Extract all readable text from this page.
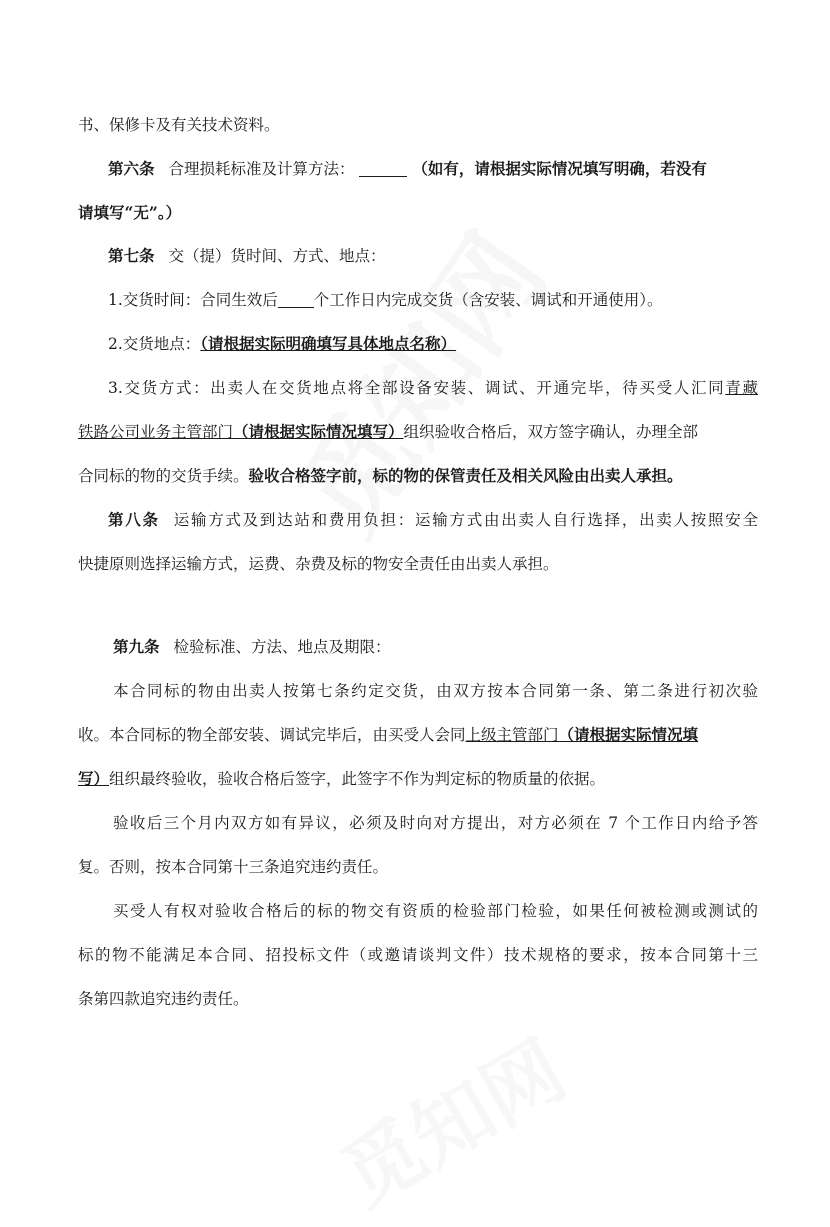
书、保修卡及有关技术资料。
第六条 合理损耗标准及计算方法：	（如有，请根据实际情况填写明确，若没有
请填写“无”。）
第七条 交（提）货时间、方式、地点：
1.交货时间：合同生效后 个工作日内完成交货（含安装、调试和开通使用）。
2.交货地点：（请根据实际明确填写具体地点名称）
3.交货方式：出卖人在交货地点将全部设备安装、调试、开通完毕，待买受人汇同青藏
铁路公司业务主管部门（请根据实际情况填写）组织验收合格后，双方签字确认，办理全部
合同标的物的交货手续。验收合格签字前，标的物的保管责任及相关风险由出卖人承担。
第八条 运输方式及到达站和费用负担：运输方式由出卖人自行选择，出卖人按照安全
快捷原则选择运输方式，运费、杂费及标的物安全责任由出卖人承担。
第九条 检验标准、方法、地点及期限：
本合同标的物由出卖人按第七条约定交货，由双方按本合同第一条、第二条进行初次验
收。本合同标的物全部安装、调试完毕后，由买受人会同上级主管部门（请根据实际情况填
写）组织最终验收，验收合格后签字，此签字不作为判定标的物质量的依据。
验收后三个月内双方如有异议，必须及时向对方提出，对方必须在 7 个工作日内给予答
复。否则，按本合同第十三条追究违约责任。
买受人有权对验收合格后的标的物交有资质的检验部门检验，如果任何被检测或测试的
标的物不能满足本合同、招投标文件（或邀请谈判文件）技术规格的要求，按本合同第十三
条第四款追究违约责任。
